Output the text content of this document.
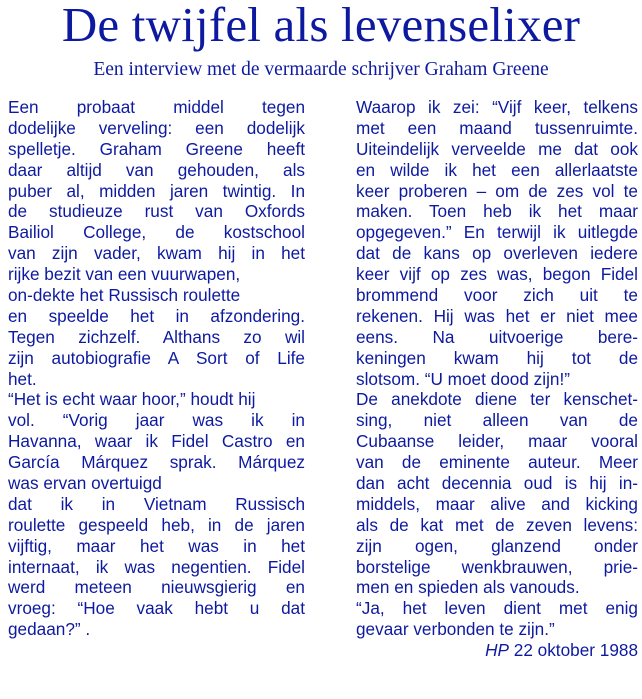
De twijfel als levenselixer
Een interview met de vermaarde schrijver Graham Greene
Een probaat middel tegen
dodelijke verveling: een dodelijk
spelletje. Graham Greene heeft
daar altijd van gehouden, als
puber al, midden jaren twintig. In
de studieuze rust van Oxfords
Bailiol College, de kostschool
van zijn vader, kwam hij in het
rijke bezit van een vuurwapen,
on-dekte het Russisch roulette
en speelde het in afzondering.
Tegen zichzelf. Althans zo wil
zijn autobiografie A Sort of Life
het.
“Het is echt waar hoor,” houdt hij
vol. “Vorig jaar was ik in
Havanna, waar ik Fidel Castro en
García Márquez sprak. Márquez
was ervan overtuigd
dat ik in Vietnam Russisch
roulette gespeeld heb, in de jaren
vijftig, maar het was in het
internaat, ik was negentien. Fidel
werd meteen nieuwsgierig en
vroeg: “Hoe vaak hebt u dat
gedaan?” .
Waarop ik zei: “Vijf keer, telkens
met een maand tussenruimte.
Uiteindelijk verveelde me dat ook
en wilde ik het een allerlaatste
keer proberen – om de zes vol te
maken. Toen heb ik het maar
opgegeven.” En terwijl ik uitlegde
dat de kans op overleven iedere
keer vijf op zes was, begon Fidel
brommend voor zich uit te
rekenen. Hij was het er niet mee
eens. Na uitvoerige bere-
keningen kwam hij tot de
slotsom. “U moet dood zijn!”
De anekdote diene ter kenschet-
sing, niet alleen van de
Cubaanse leider, maar vooral
van de eminente auteur. Meer
dan acht decennia oud is hij in-
middels, maar alive and kicking
als de kat met de zeven levens:
zijn ogen, glanzend onder
borstelige wenkbrauwen, prie-
men en spieden als vanouds.
“Ja, het leven dient met enig
gevaar verbonden te zijn.”
HP 22 oktober 1988
